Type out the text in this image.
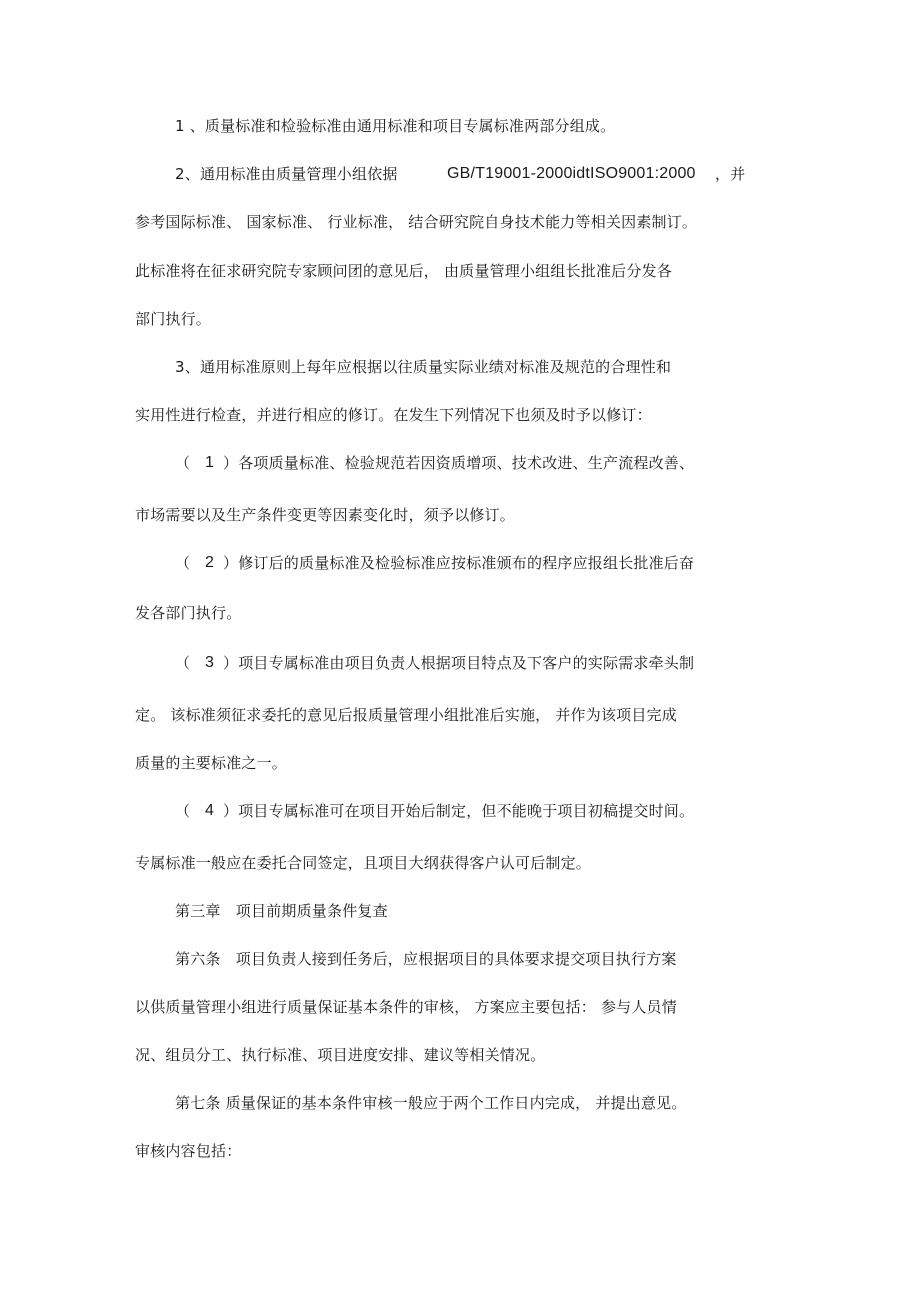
1 、质量标准和检验标准由通用标准和项目专属标准两部分组成。
2、通用标准由质量管理小组依据	GB/T19001-2000idtISO9001:2000 ，并
参考国际标准、 国家标准、 行业标准， 结合研究院自身技术能力等相关因素制订。
此标准将在征求研究院专家顾问团的意见后， 由质量管理小组组长批准后分发各
部门执行。
3、通用标准原则上每年应根据以往质量实际业绩对标准及规范的合理性和
实用性进行检查，并进行相应的修订。在发生下列情况下也须及时予以修订：
（ 1 ）各项质量标准、检验规范若因资质增项、技术改进、生产流程改善、
市场需要以及生产条件变更等因素变化时，须予以修订。
（ 2 ）修订后的质量标准及检验标准应按标准颁布的程序应报组长批准后奋
发各部门执行。
（ 3 ）项目专属标准由项目负责人根据项目特点及下客户的实际需求牵头制
定。 该标准须征求委托的意见后报质量管理小组批准后实施， 并作为该项目完成
质量的主要标准之一。
（ 4 ）项目专属标准可在项目开始后制定，但不能晚于项目初稿提交时间。
专属标准一般应在委托合同签定，且项目大纲获得客户认可后制定。
第三章　项目前期质量条件复查
第六条　项目负责人接到任务后，应根据项目的具体要求提交项目执行方案
以供质量管理小组进行质量保证基本条件的审核， 方案应主要包括： 参与人员情
况、组员分工、执行标准、项目进度安排、建议等相关情况。
第七条 质量保证的基本条件审核一般应于两个工作日内完成， 并提出意见。
审核内容包括：
